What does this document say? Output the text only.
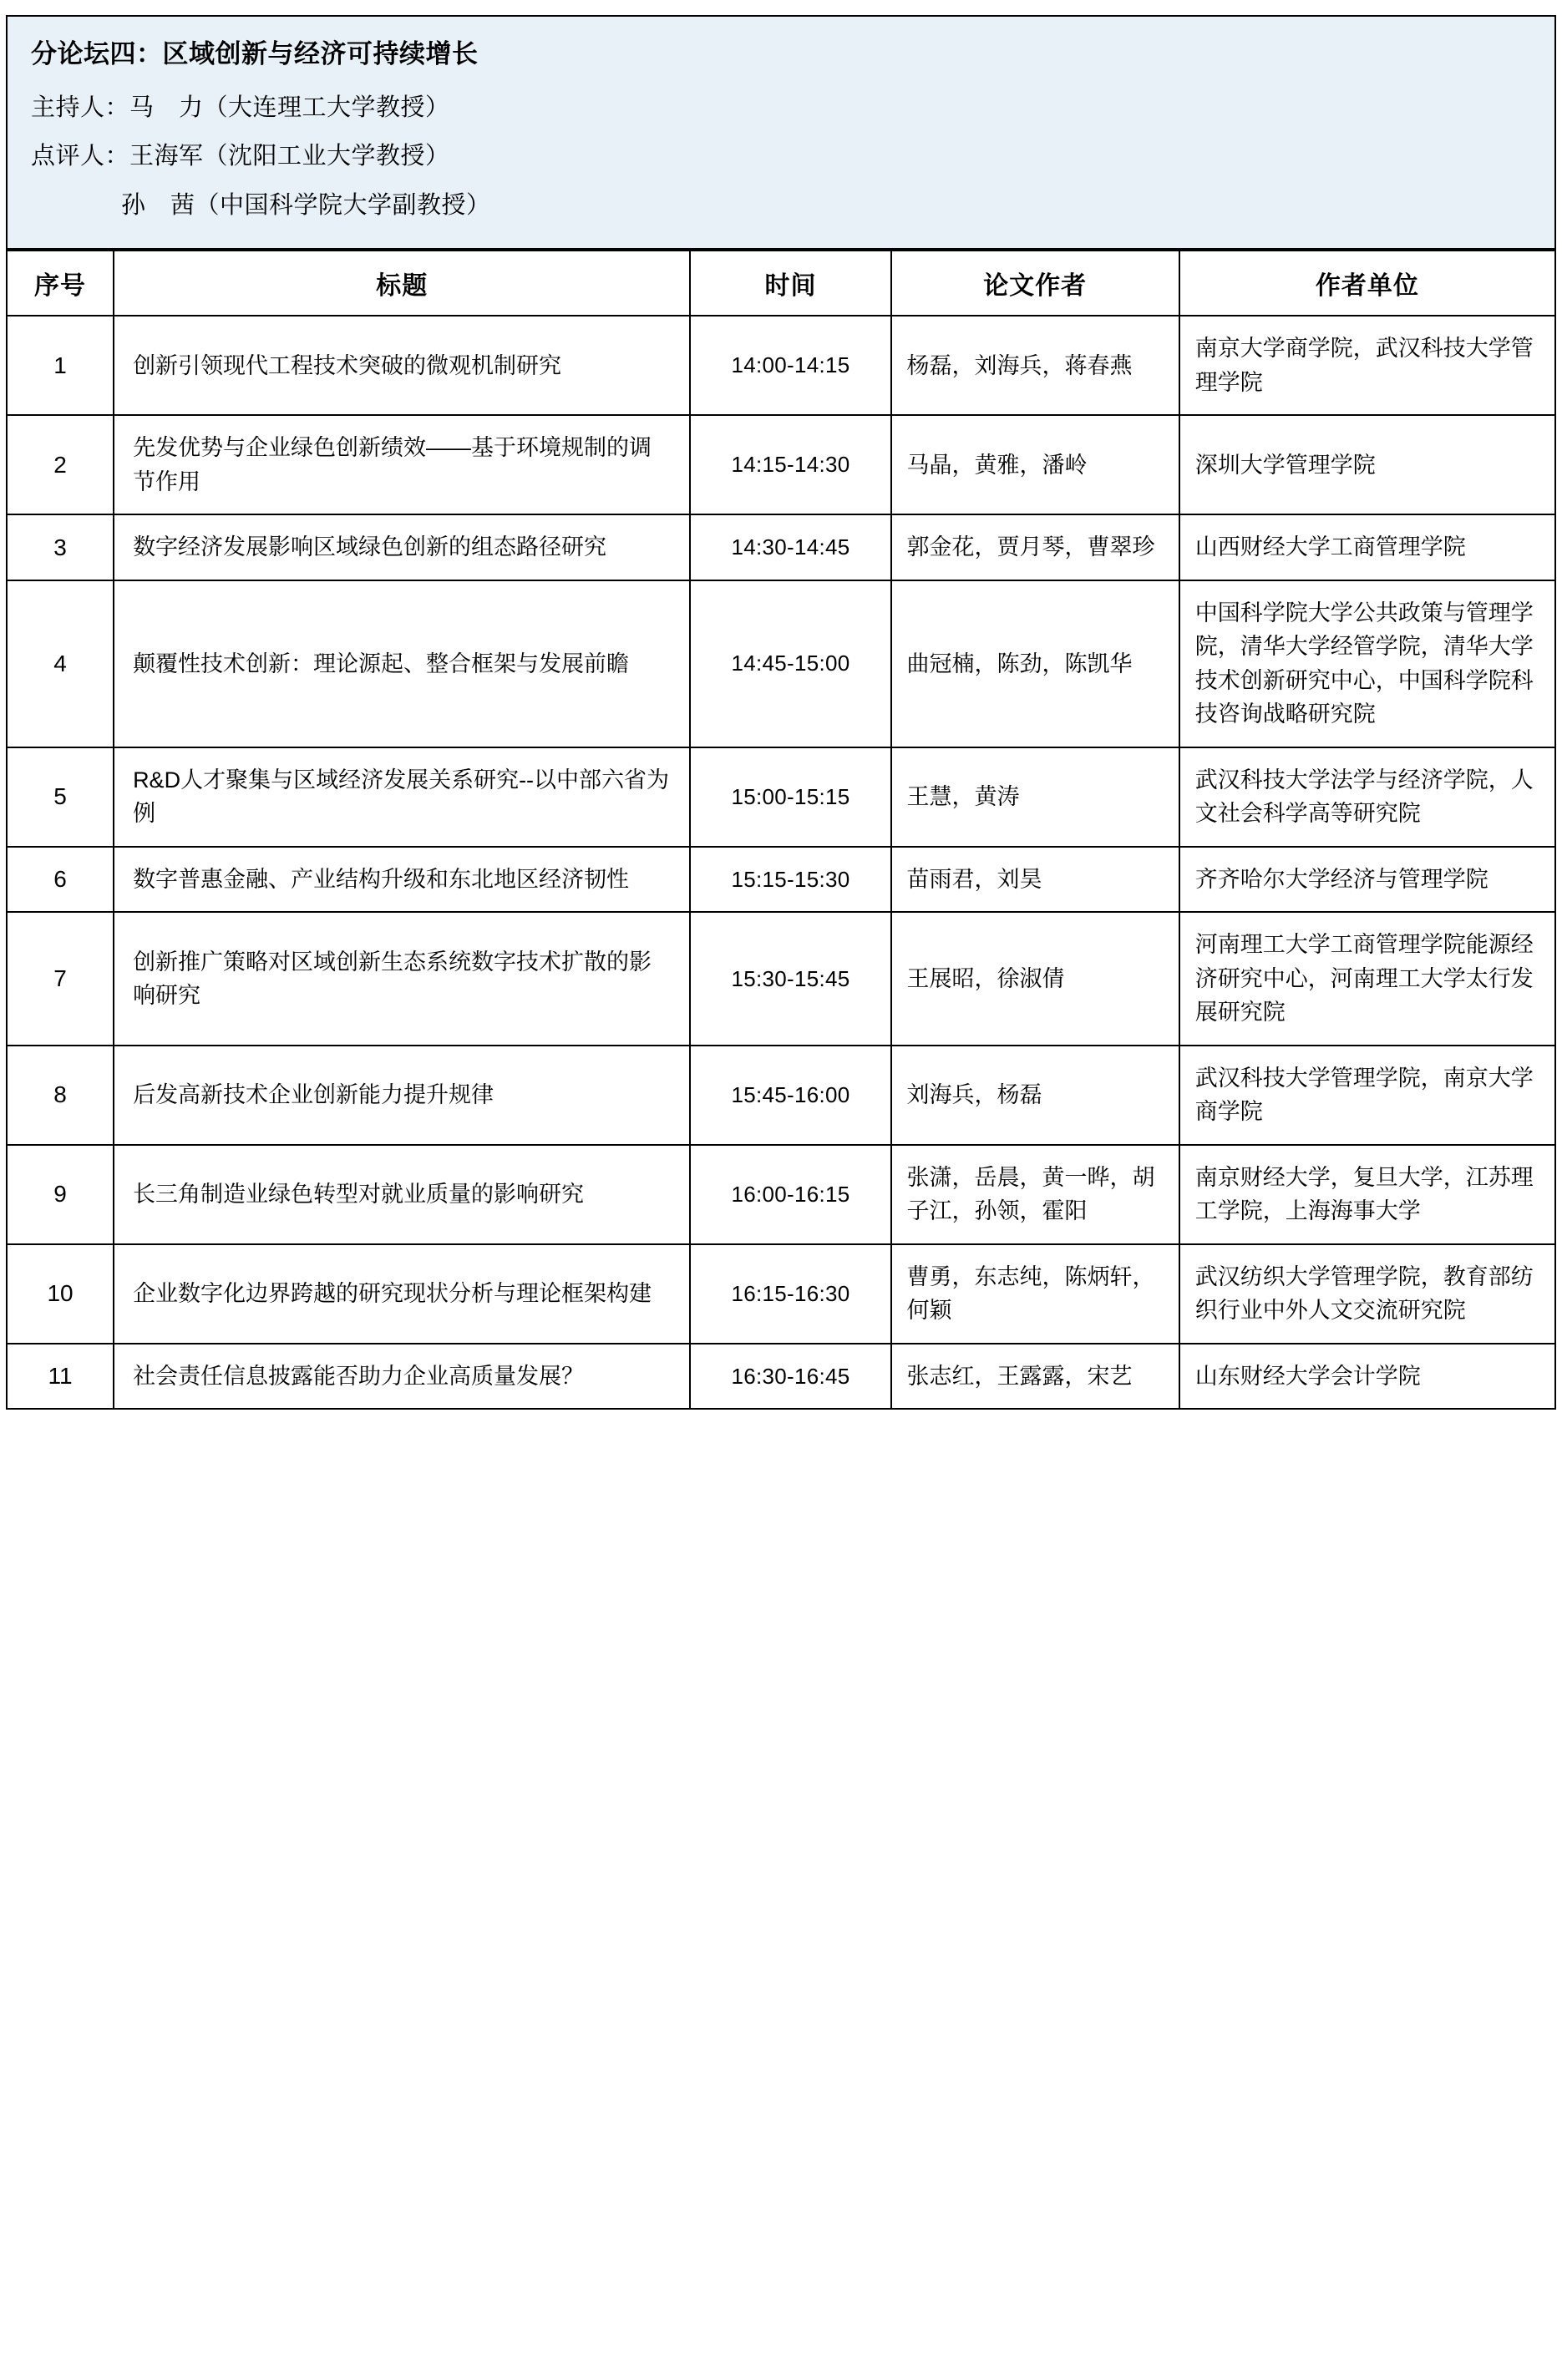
分论坛四：区域创新与经济可持续增长
主持人：马　力（大连理工大学教授）
点评人：王海军（沈阳工业大学教授）
孙　茜（中国科学院大学副教授）
序号	标题	时间	论文作者	作者单位
1	创新引领现代工程技术突破的微观机制研究	14:00-14:15	杨磊，刘海兵，蒋春燕	南京大学商学院，武汉科技大学管理学院
2	先发优势与企业绿色创新绩效——基于环境规制的调节作用	14:15-14:30	马晶，黄雅，潘岭	深圳大学管理学院
3	数字经济发展影响区域绿色创新的组态路径研究	14:30-14:45	郭金花，贾月琴，曹翠珍	山西财经大学工商管理学院
4	颠覆性技术创新：理论源起、整合框架与发展前瞻	14:45-15:00	曲冠楠，陈劲，陈凯华	中国科学院大学公共政策与管理学院，清华大学经管学院，清华大学技术创新研究中心，中国科学院科技咨询战略研究院
5	R&D人才聚集与区域经济发展关系研究--以中部六省为例	15:00-15:15	王慧，黄涛	武汉科技大学法学与经济学院，人文社会科学高等研究院
6	数字普惠金融、产业结构升级和东北地区经济韧性	15:15-15:30	苗雨君，刘昊	齐齐哈尔大学经济与管理学院
7	创新推广策略对区域创新生态系统数字技术扩散的影响研究	15:30-15:45	王展昭，徐淑倩	河南理工大学工商管理学院能源经济研究中心，河南理工大学太行发展研究院
8	后发高新技术企业创新能力提升规律	15:45-16:00	刘海兵，杨磊	武汉科技大学管理学院，南京大学商学院
9	长三角制造业绿色转型对就业质量的影响研究	16:00-16:15	张潇，岳晨，黄一晔，胡子江，孙领，霍阳	南京财经大学，复旦大学，江苏理工学院，上海海事大学
10	企业数字化边界跨越的研究现状分析与理论框架构建	16:15-16:30	曹勇，东志纯，陈炳轩，何颖	武汉纺织大学管理学院，教育部纺织行业中外人文交流研究院
11	社会责任信息披露能否助力企业高质量发展？	16:30-16:45	张志红，王露露，宋艺	山东财经大学会计学院
